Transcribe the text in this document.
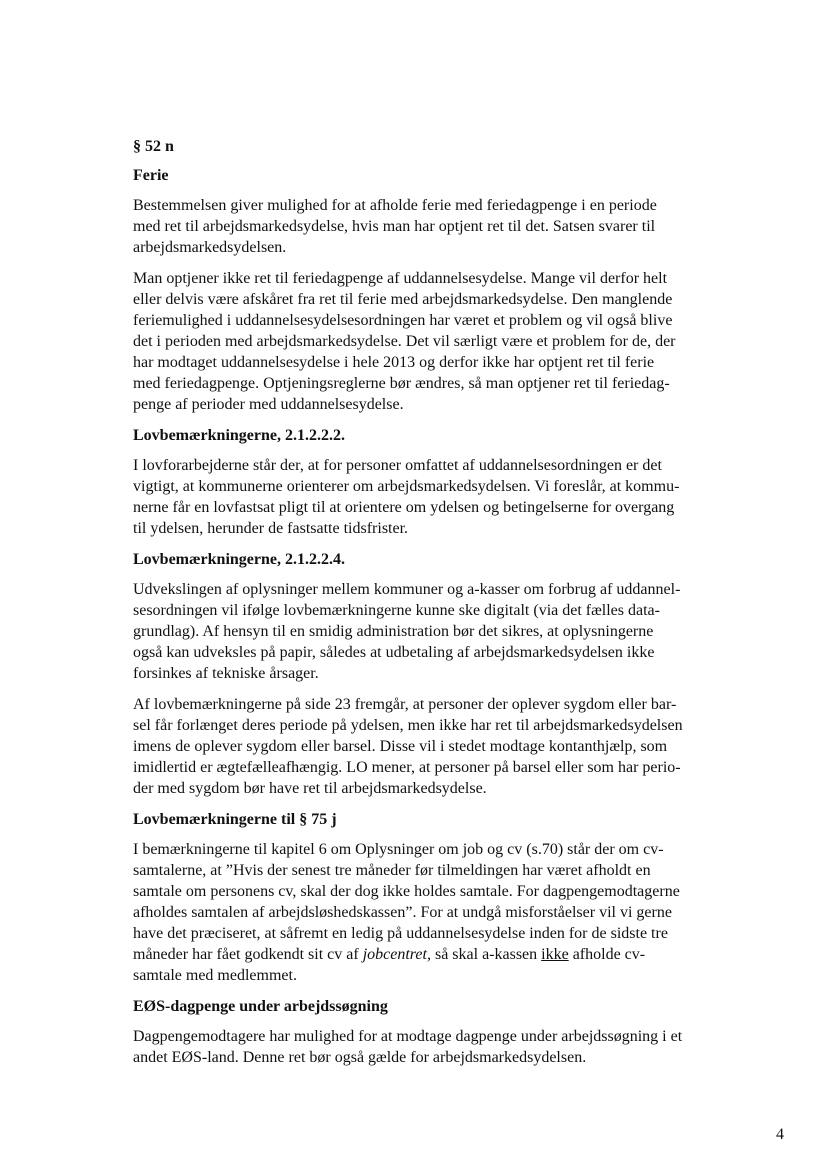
§ 52 n
Ferie
Bestemmelsen giver mulighed for at afholde ferie med feriedagpenge i en periode
med ret til arbejdsmarkedsydelse, hvis man har optjent ret til det. Satsen svarer til
arbejdsmarkedsydelsen.
Man optjener ikke ret til feriedagpenge af uddannelsesydelse. Mange vil derfor helt
eller delvis være afskåret fra ret til ferie med arbejdsmarkedsydelse. Den manglende
feriemulighed i uddannelsesydelsesordningen har været et problem og vil også blive
det i perioden med arbejdsmarkedsydelse. Det vil særligt være et problem for de, der
har modtaget uddannelsesydelse i hele 2013 og derfor ikke har optjent ret til ferie
med feriedagpenge. Optjeningsreglerne bør ændres, så man optjener ret til feriedag-
penge af perioder med uddannelsesydelse.
Lovbemærkningerne, 2.1.2.2.2.
I lovforarbejderne står der, at for personer omfattet af uddannelsesordningen er det
vigtigt, at kommunerne orienterer om arbejdsmarkedsydelsen. Vi foreslår, at kommu-
nerne får en lovfastsat pligt til at orientere om ydelsen og betingelserne for overgang
til ydelsen, herunder de fastsatte tidsfrister.
Lovbemærkningerne, 2.1.2.2.4.
Udvekslingen af oplysninger mellem kommuner og a-kasser om forbrug af uddannel-
sesordningen vil ifølge lovbemærkningerne kunne ske digitalt (via det fælles data-
grundlag). Af hensyn til en smidig administration bør det sikres, at oplysningerne
også kan udveksles på papir, således at udbetaling af arbejdsmarkedsydelsen ikke
forsinkes af tekniske årsager.
Af lovbemærkningerne på side 23 fremgår, at personer der oplever sygdom eller bar-
sel får forlænget deres periode på ydelsen, men ikke har ret til arbejdsmarkedsydelsen
imens de oplever sygdom eller barsel. Disse vil i stedet modtage kontanthjælp, som
imidlertid er ægtefælleafhængig. LO mener, at personer på barsel eller som har perio-
der med sygdom bør have ret til arbejdsmarkedsydelse.
Lovbemærkningerne til § 75 j
I bemærkningerne til kapitel 6 om Oplysninger om job og cv (s.70) står der om cv-
samtalerne, at ”Hvis der senest tre måneder før tilmeldingen har været afholdt en
samtale om personens cv, skal der dog ikke holdes samtale. For dagpengemodtagerne
afholdes samtalen af arbejdsløshedskassen”. For at undgå misforståelser vil vi gerne
have det præciseret, at såfremt en ledig på uddannelsesydelse inden for de sidste tre
måneder har fået godkendt sit cv af jobcentret, så skal a-kassen ikke afholde cv-
samtale med medlemmet.
EØS-dagpenge under arbejdssøgning
Dagpengemodtagere har mulighed for at modtage dagpenge under arbejdssøgning i et
andet EØS-land. Denne ret bør også gælde for arbejdsmarkedsydelsen.
4
